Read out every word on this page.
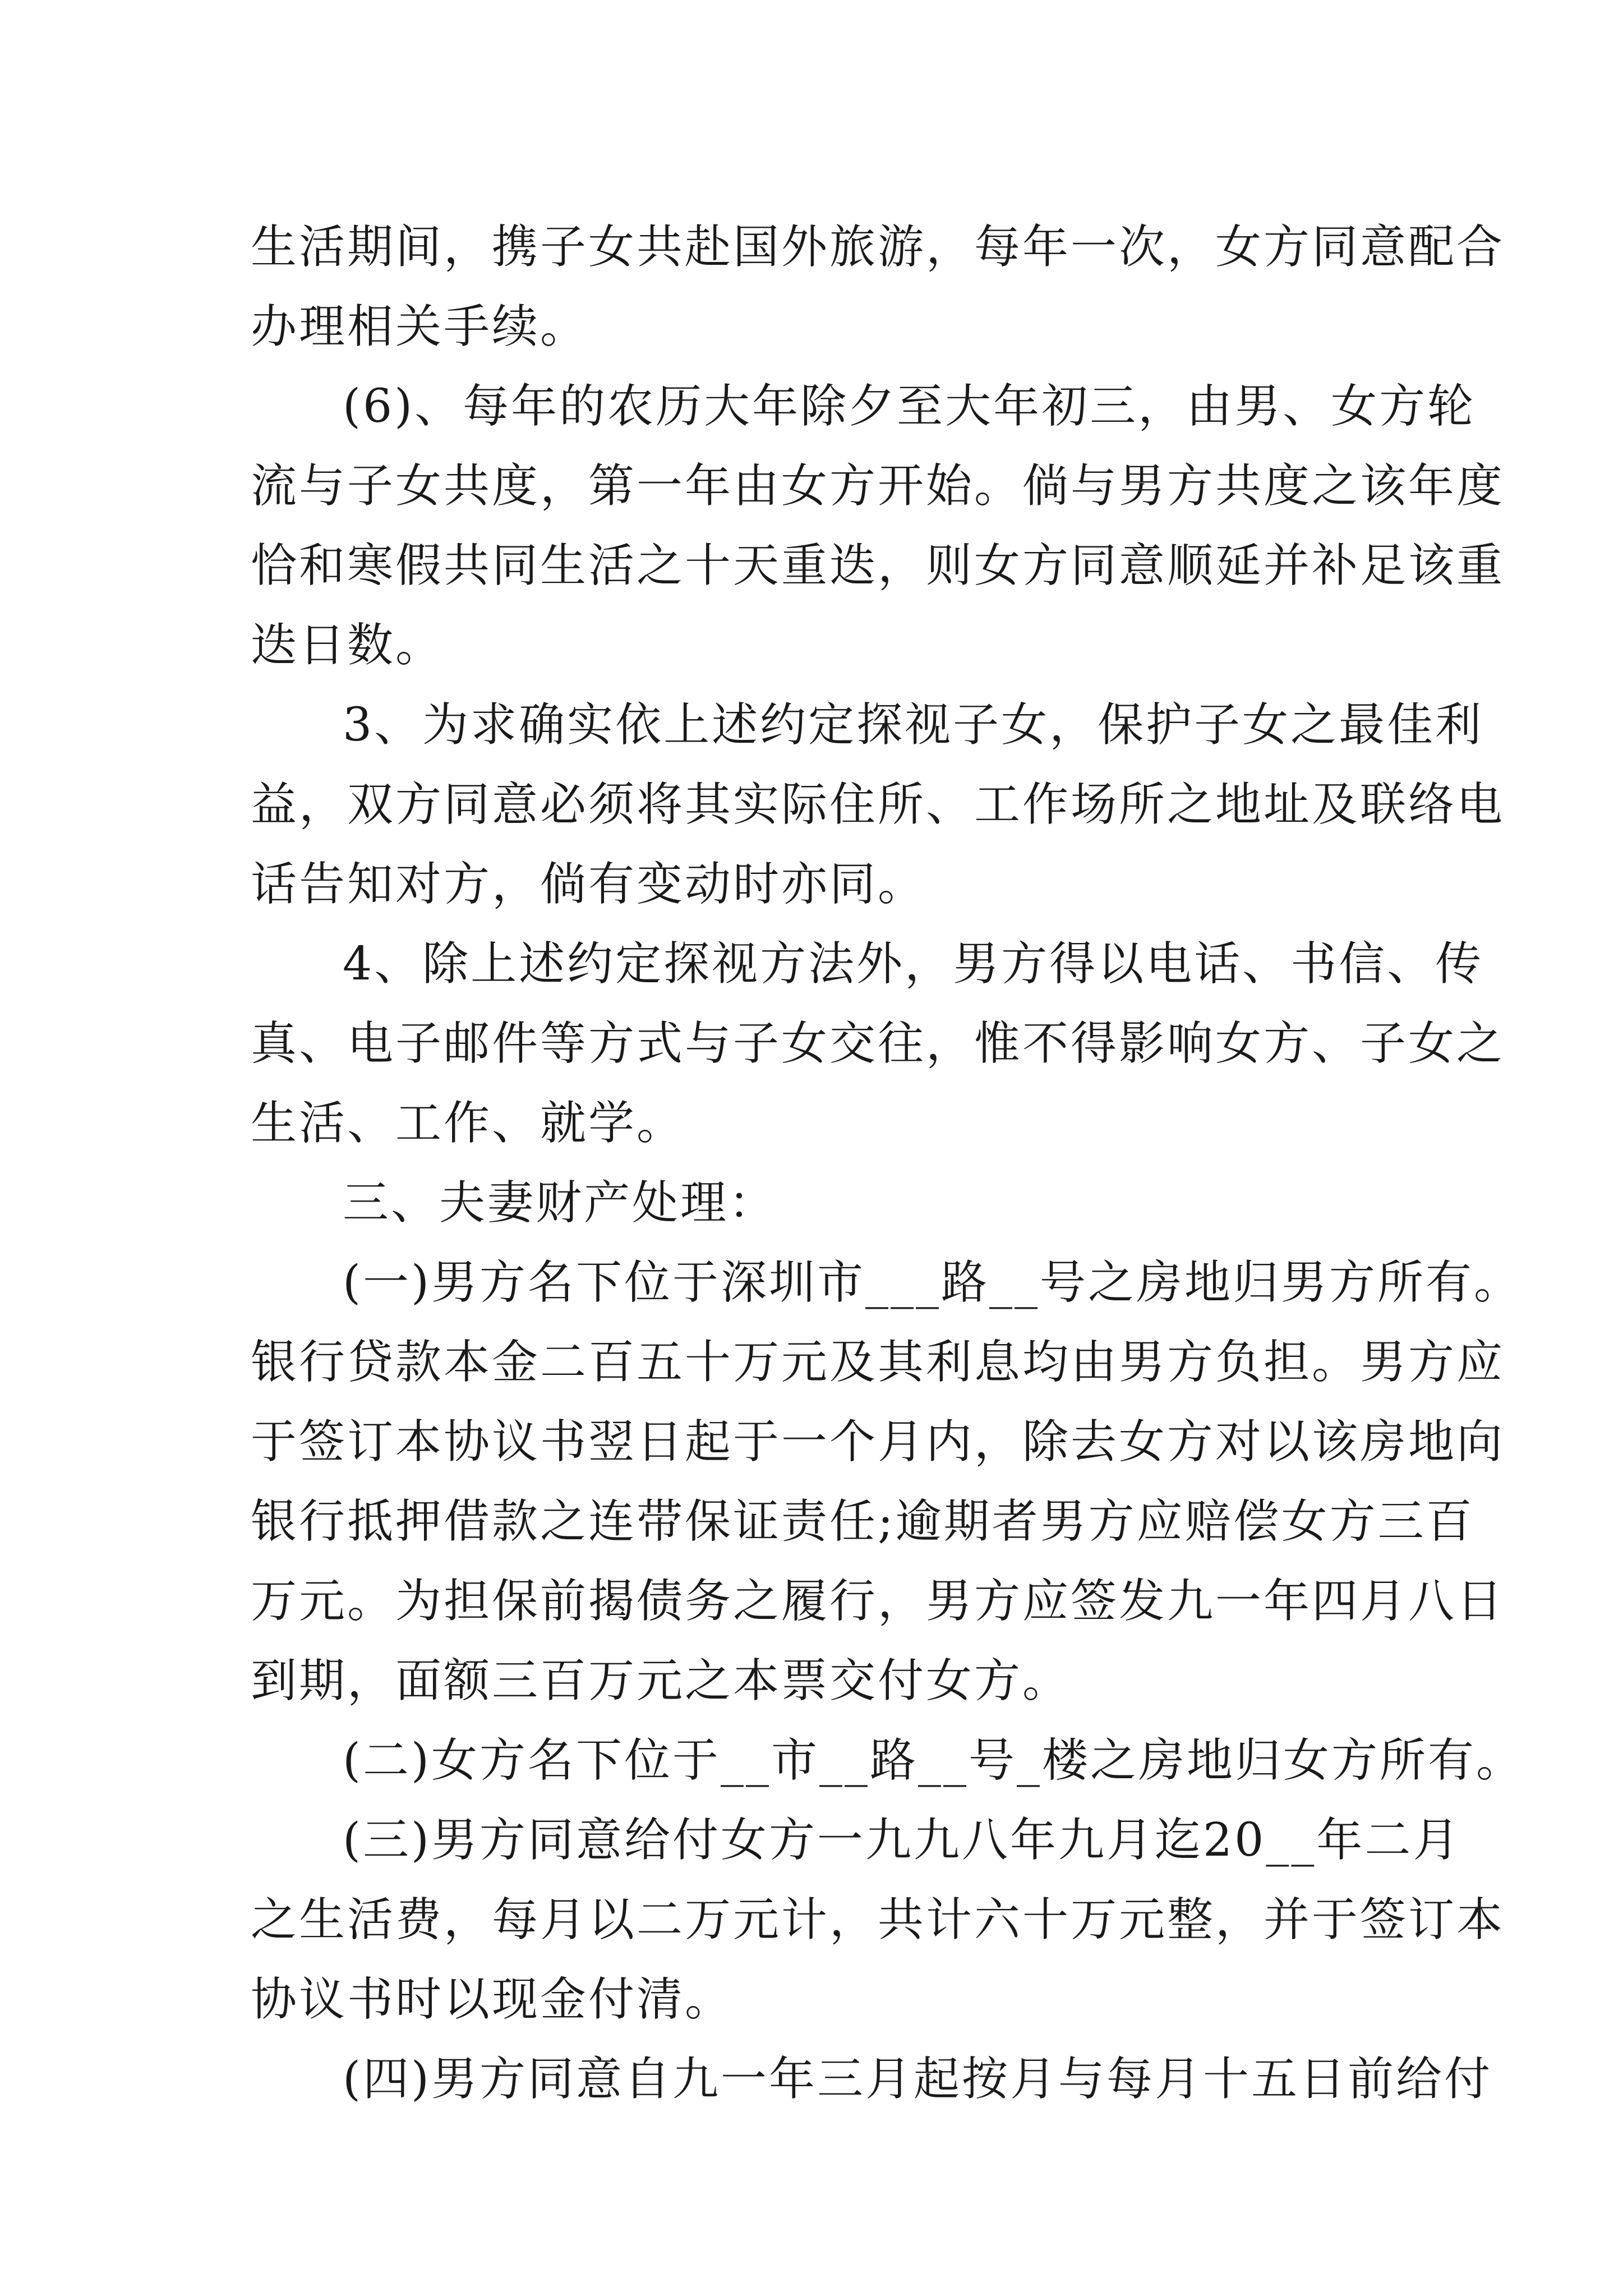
生活期间，携子女共赴国外旅游，每年一次，女方同意配合
办理相关手续。
(6)、每年的农历大年除夕至大年初三，由男、女方轮
流与子女共度，第一年由女方开始。倘与男方共度之该年度
恰和寒假共同生活之十天重迭，则女方同意顺延并补足该重
迭日数。
3、为求确实依上述约定探视子女，保护子女之最佳利
益，双方同意必须将其实际住所、工作场所之地址及联络电
话告知对方，倘有变动时亦同。
4、除上述约定探视方法外，男方得以电话、书信、传
真、电子邮件等方式与子女交往，惟不得影响女方、子女之
生活、工作、就学。
三、夫妻财产处理：
(一)男方名下位于深圳市___路__号之房地归男方所有。
银行贷款本金二百五十万元及其利息均由男方负担。男方应
于签订本协议书翌日起于一个月内，除去女方对以该房地向
银行抵押借款之连带保证责任;逾期者男方应赔偿女方三百
万元。为担保前揭债务之履行，男方应签发九一年四月八日
到期，面额三百万元之本票交付女方。
(二)女方名下位于__市__路__号_楼之房地归女方所有。
(三)男方同意给付女方一九九八年九月迄20__年二月
之生活费，每月以二万元计，共计六十万元整，并于签订本
协议书时以现金付清。
(四)男方同意自九一年三月起按月与每月十五日前给付
